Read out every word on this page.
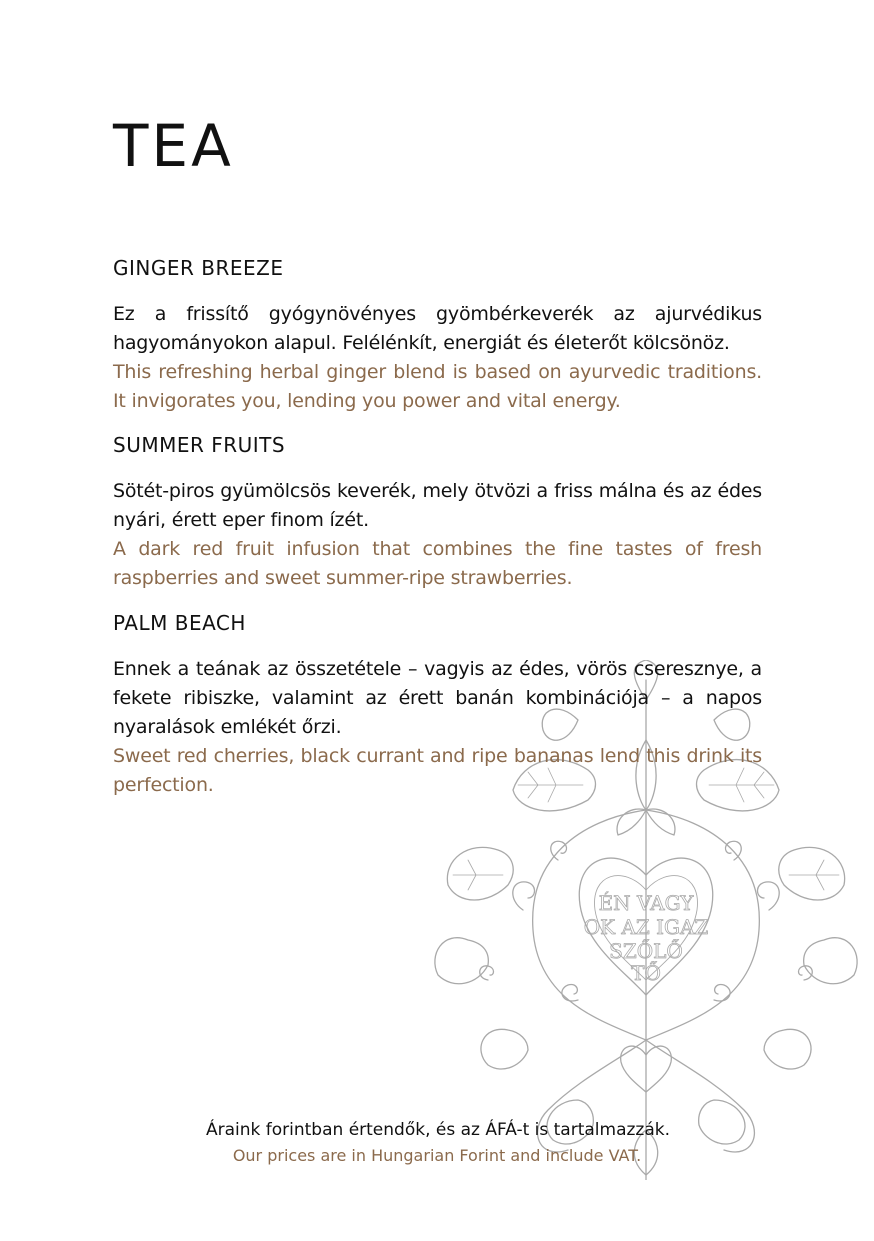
TEA
ÉN VAGY
OK AZ IGAZ
SZŐLŐ
TŐ
GINGER BREEZE

Ez a frissítő gyógynövényes gyömbérkeverék az ajurvédikus hagyományokon alapul. Felélénkít, energiát és életerőt kölcsönöz.

This refreshing herbal ginger blend is based on ayurvedic traditions. It invigorates you, lending you power and vital energy.

SUMMER FRUITS

Sötét-piros gyümölcsös keverék, mely ötvözi a friss málna és az édes nyári, érett eper finom ízét.

A dark red fruit infusion that combines the fine tastes of fresh raspberries and sweet summer-ripe strawberries.

PALM BEACH

Ennek a teának az összetétele – vagyis az édes, vörös cseresznye, a fekete ribiszke, valamint az érett banán kombinációja – a napos nyaralások emlékét őrzi.

Sweet red cherries, black currant and ripe bananas lend this drink its perfection.

Áraink forintban értendők, és az ÁFÁ-t is tartalmazzák.

Our prices are in Hungarian Forint and include VAT.
